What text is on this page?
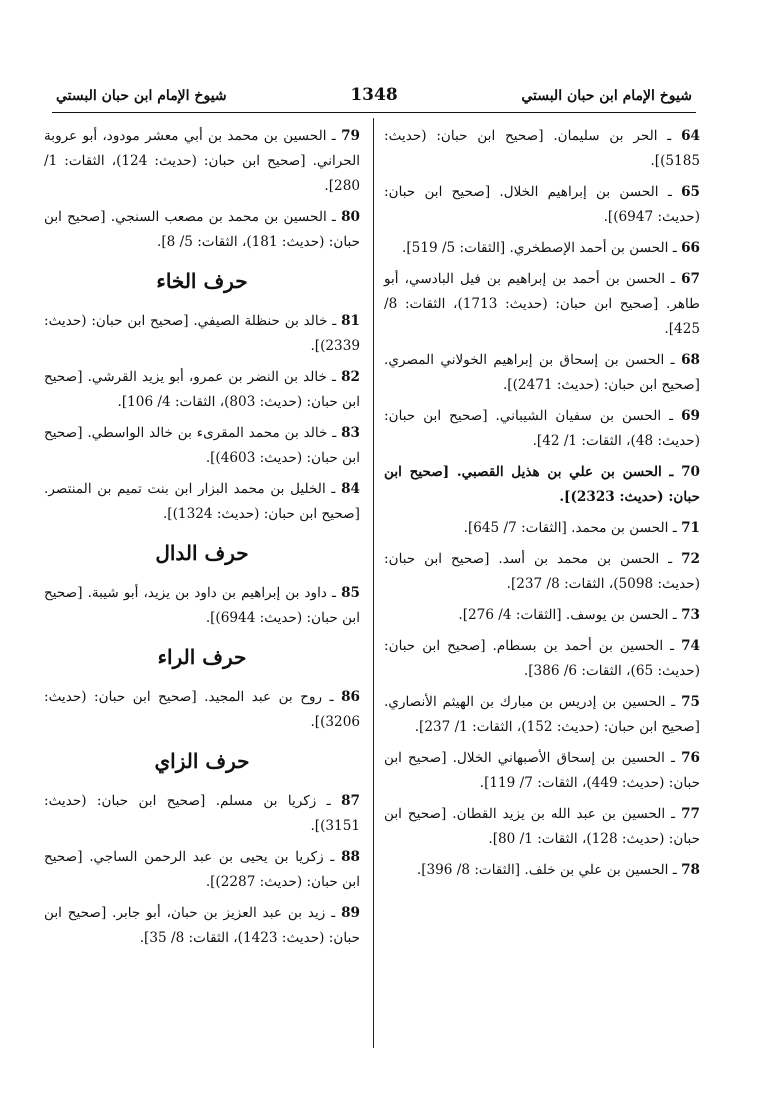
شيوخ الإمام ابن حبان البستي
1348
شيوخ الإمام ابن حبان البستي

64 ـ الحر بن سليمان. [صحيح ابن حبان: (حديث: 5185)].

65 ـ الحسن بن إبراهيم الخلال. [صحيح ابن حبان: (حديث: 6947)].

66 ـ الحسن بن أحمد الإصطخري. [الثقات: 5/ 519].

67 ـ الحسن بن أحمد بن إبراهيم بن فيل البادسي، أبو طاهر. [صحيح ابن حبان: (حديث: 1713)، الثقات: 8/ 425].

68 ـ الحسن بن إسحاق بن إبراهيم الخولاني المصري. [صحيح ابن حبان: (حديث: 2471)].

69 ـ الحسن بن سفيان الشيباني. [صحيح ابن حبان: (حديث: 48)، الثقات: 1/ 42].

70 ـ الحسن بن علي بن هذيل القصبي. [صحيح ابن حبان: (حديث: 2323)].

71 ـ الحسن بن محمد. [الثقات: 7/ 645].

72 ـ الحسن بن محمد بن أسد. [صحيح ابن حبان: (حديث: 5098)، الثقات: 8/ 237].

73 ـ الحسن بن يوسف. [الثقات: 4/ 276].

74 ـ الحسين بن أحمد بن بسطام. [صحيح ابن حبان: (حديث: 65)، الثقات: 6/ 386].

75 ـ الحسين بن إدريس بن مبارك بن الهيثم الأنصاري. [صحيح ابن حبان: (حديث: 152)، الثقات: 1/ 237].

76 ـ الحسين بن إسحاق الأصبهاني الخلال. [صحيح ابن حبان: (حديث: 449)، الثقات: 7/ 119].

77 ـ الحسين بن عبد الله بن يزيد القطان. [صحيح ابن حبان: (حديث: 128)، الثقات: 1/ 80].

78 ـ الحسين بن علي بن خلف. [الثقات: 8/ 396].

79 ـ الحسين بن محمد بن أبي معشر مودود، أبو عروبة الحراني. [صحيح ابن حبان: (حديث: 124)، الثقات: 1/ 280].

80 ـ الحسين بن محمد بن مصعب السنجي. [صحيح ابن حبان: (حديث: 181)، الثقات: 5/ 8].

حرف الخاء

81 ـ خالد بن حنظلة الصيفي. [صحيح ابن حبان: (حديث: 2339)].

82 ـ خالد بن النضر بن عمرو، أبو يزيد القرشي. [صحيح ابن حبان: (حديث: 803)، الثقات: 4/ 106].

83 ـ خالد بن محمد المقرىء بن خالد الواسطي. [صحيح ابن حبان: (حديث: 4603)].

84 ـ الخليل بن محمد البزار ابن بنت تميم بن المنتصر. [صحيح ابن حبان: (حديث: 1324)].

حرف الدال

85 ـ داود بن إبراهيم بن داود بن يزيد، أبو شيبة. [صحيح ابن حبان: (حديث: 6944)].

حرف الراء

86 ـ روح بن عبد المجيد. [صحيح ابن حبان: (حديث: 3206)].

حرف الزاي

87 ـ زكريا بن مسلم. [صحيح ابن حبان: (حديث: 3151)].

88 ـ زكريا بن يحيى بن عبد الرحمن الساجي. [صحيح ابن حبان: (حديث: 2287)].

89 ـ زيد بن عبد العزيز بن حبان، أبو جابر. [صحيح ابن حبان: (حديث: 1423)، الثقات: 8/ 35].
